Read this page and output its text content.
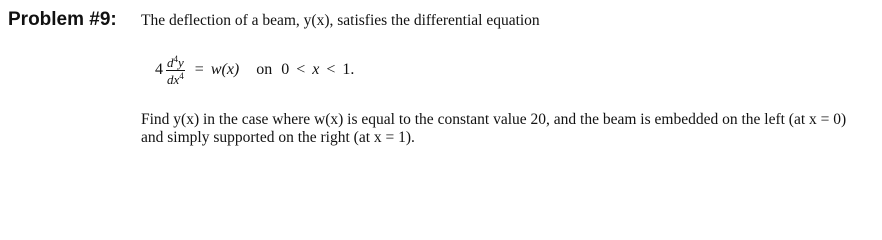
Problem #9: The deflection of a beam, y(x), satisfies the differential equation
$4 \frac{d^4y}{dx^4} = w(x)$ on 0 < x < 1.
Find y(x) in the case where w(x) is equal to the constant value 20, and the beam is embedded on the left (at x = 0)
and simply supported on the right (at x = 1).
